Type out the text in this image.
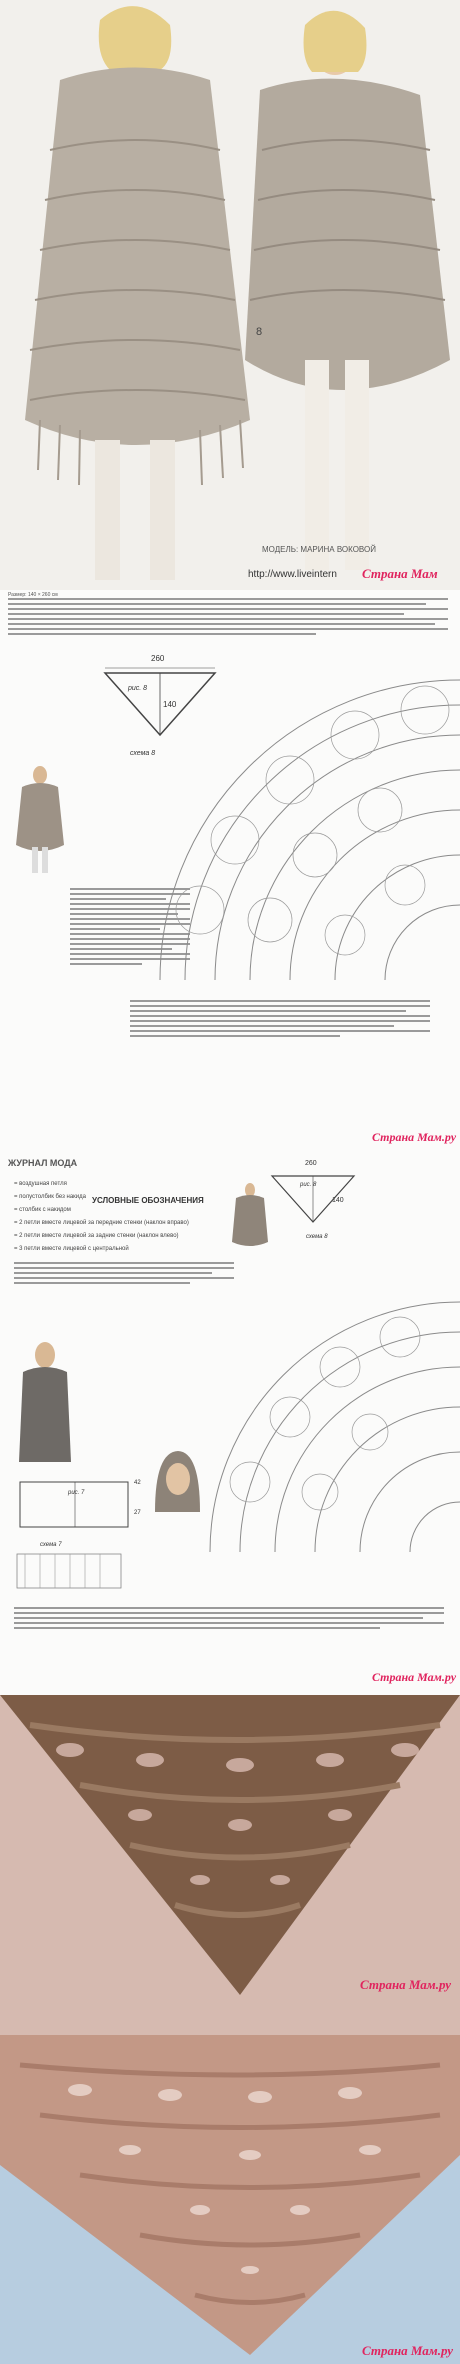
8
МОДЕЛЬ: МАРИНА ВОКОВОЙ
http://www.liveintern Страна Мам
Размер: 140 × 260 см
260
140
рис. 8
схема 8
Страна Мам.ру
ЖУРНАЛ МОДА
УСЛОВНЫЕ ОБОЗНАЧЕНИЯ
= воздушная петля
= полустолбик без накида
= столбик с накидом
= 2 петли вместе лицевой за передние стенки (наклон вправо)
= 2 петли вместе лицевой за задние стенки (наклон влево)
= 3 петли вместе лицевой с центральной
260
140
рис. 8
схема 8
рис. 7
42
27
схема 7
Страна Мам.ру
Страна Мам.ру
Страна Мам.ру
